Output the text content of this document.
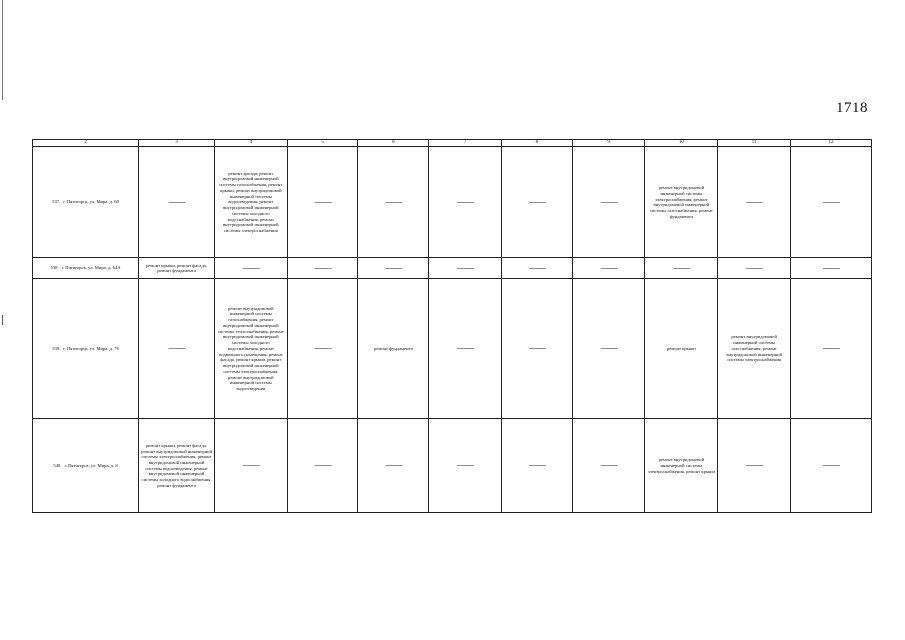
1718
2	3	4	5	6	7	8	9	10	11	12
537. г. Пятигорск, ул. Мира, д. 60	——	ремонт фасада, ремонт внутридомовой инженерной системы газоснабжения, ремонт крыши, ремонт внутридомовой инженерной системы водоотведения, ремонт внутридомовой инженерной системы холодного водоснабжения, ремонт внутридомовой инженерной системы электроснабжения	——	——	——	——	——	ремонт внутридомовой инженерной системы электроснабжения, ремонт внутридомовой инженерной системы газоснабжения, ремонт фундамента	——	——
538. г. Пятигорск, ул. Мира, д. 64А	ремонт крыши, ремонт фасада, ремонт фундамента	——	——	——	——	——	——	——	——	——
539. г. Пятигорск, ул. Мира, д. 76	——	ремонт внутридомовой инженерной системы газоснабжения, ремонт внутридомовой инженерной системы теплоснабжения, ремонт внутридомовой инженерной системы холодного водоснабжения, ремонт подвального помещения, ремонт фасада, ремонт крыши, ремонт внутридомовой инженерной системы электроснабжения, ремонт внутридомовой инженерной системы водоотведения	——	ремонт фундамента	——	——	——	ремонт крыши	ремонт внутридомовой инженерной системы газоснабжения, ремонт внутридомовой инженерной системы электроснабжения	——
540. г. Пятигорск, ул. Мира, д. 8	ремонт крыши, ремонт фасада, ремонт внутридомовой инженерной системы электроснабжения, ремонт внутридомовой инженерной системы водоотведения, ремонт внутридомовой инженерной системы холодного водоснабжения, ремонт фундамента	——	——	——	——	——	——	ремонт внутридомовой инженерной системы электроснабжения, ремонт крыши	——	——
